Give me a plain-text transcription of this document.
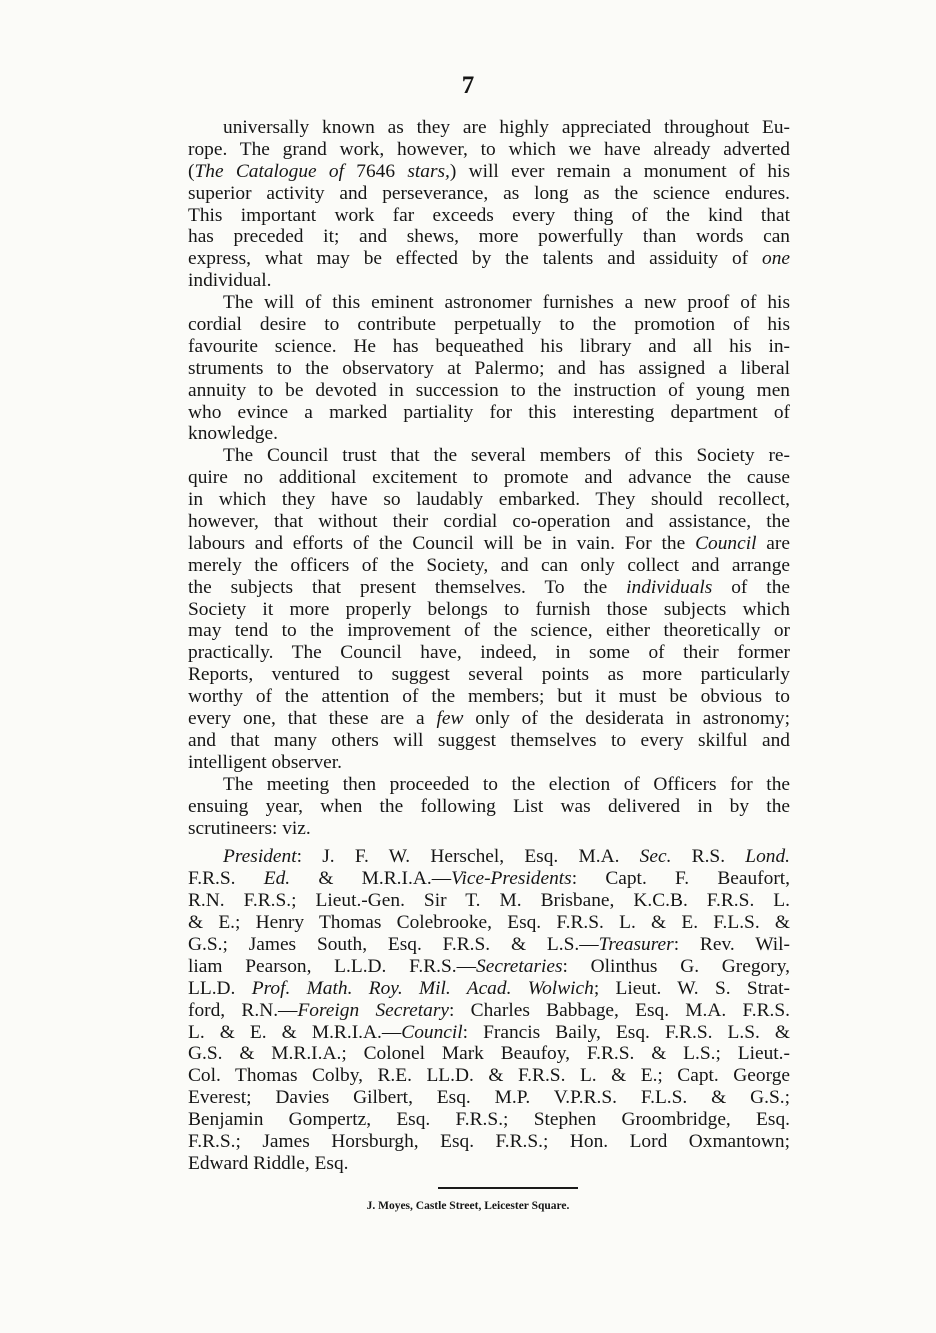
7
universally known as they are highly appreciated throughout Eu-
rope. The grand work, however, to which we have already adverted
(The Catalogue of 7646 stars,) will ever remain a monument of his
superior activity and perseverance, as long as the science endures.
This important work far exceeds every thing of the kind that
has preceded it; and shews, more powerfully than words can
express, what may be effected by the talents and assiduity of one
individual.
The will of this eminent astronomer furnishes a new proof of his
cordial desire to contribute perpetually to the promotion of his
favourite science. He has bequeathed his library and all his in-
struments to the observatory at Palermo; and has assigned a liberal
annuity to be devoted in succession to the instruction of young men
who evince a marked partiality for this interesting department of
knowledge.
The Council trust that the several members of this Society re-
quire no additional excitement to promote and advance the cause
in which they have so laudably embarked. They should recollect,
however, that without their cordial co-operation and assistance, the
labours and efforts of the Council will be in vain. For the Council are
merely the officers of the Society, and can only collect and arrange
the subjects that present themselves. To the individuals of the
Society it more properly belongs to furnish those subjects which
may tend to the improvement of the science, either theoretically or
practically. The Council have, indeed, in some of their former
Reports, ventured to suggest several points as more particularly
worthy of the attention of the members; but it must be obvious to
every one, that these are a few only of the desiderata in astronomy;
and that many others will suggest themselves to every skilful and
intelligent observer.
The meeting then proceeded to the election of Officers for the
ensuing year, when the following List was delivered in by the
scrutineers: viz.
President: J. F. W. Herschel, Esq. M.A. Sec. R.S. Lond.
F.R.S. Ed. & M.R.I.A.—Vice-Presidents: Capt. F. Beaufort,
R.N. F.R.S.; Lieut.-Gen. Sir T. M. Brisbane, K.C.B. F.R.S. L.
& E.; Henry Thomas Colebrooke, Esq. F.R.S. L. & E. F.L.S. &
G.S.; James South, Esq. F.R.S. & L.S.—Treasurer: Rev. Wil-
liam Pearson, L.L.D. F.R.S.—Secretaries: Olinthus G. Gregory,
LL.D. Prof. Math. Roy. Mil. Acad. Wolwich; Lieut. W. S. Strat-
ford, R.N.—Foreign Secretary: Charles Babbage, Esq. M.A. F.R.S.
L. & E. & M.R.I.A.—Council: Francis Baily, Esq. F.R.S. L.S. &
G.S. & M.R.I.A.; Colonel Mark Beaufoy, F.R.S. & L.S.; Lieut.-
Col. Thomas Colby, R.E. LL.D. & F.R.S. L. & E.; Capt. George
Everest; Davies Gilbert, Esq. M.P. V.P.R.S. F.L.S. & G.S.;
Benjamin Gompertz, Esq. F.R.S.; Stephen Groombridge, Esq.
F.R.S.; James Horsburgh, Esq. F.R.S.; Hon. Lord Oxmantown;
Edward Riddle, Esq.
J. Moyes, Castle Street, Leicester Square.
